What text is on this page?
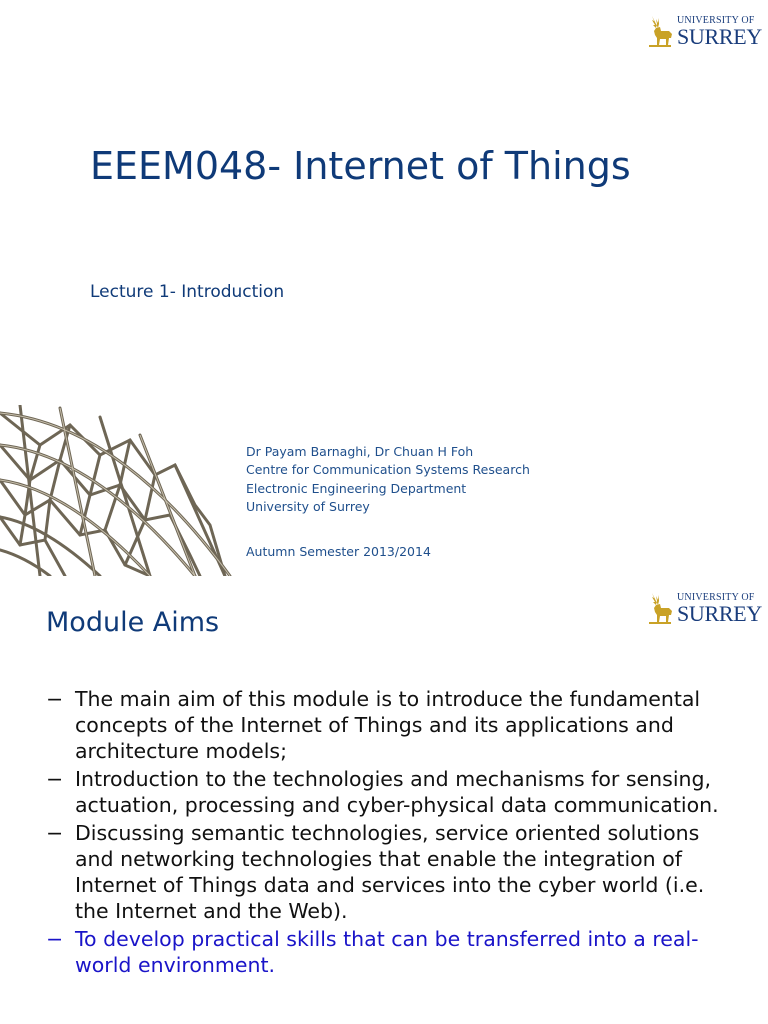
UNIVERSITY OF
SURREY
EEEM048- Internet of Things
Lecture 1- Introduction
Dr Payam Barnaghi, Dr Chuan H Foh
Centre for Communication Systems Research
Electronic Engineering Department
University of Surrey
Autumn Semester 2013/2014
UNIVERSITY OF
SURREY
Module Aims
− The main aim of this module is to introduce the fundamental concepts of the Internet of Things and its applications and architecture models;
− Introduction to the technologies and mechanisms for sensing, actuation, processing and cyber-physical data communication.
− Discussing semantic technologies, service oriented solutions and networking technologies that enable the integration of Internet of Things data and services into the cyber world (i.e. the Internet and the Web).
− To develop practical skills that can be transferred into a real-world environment.
